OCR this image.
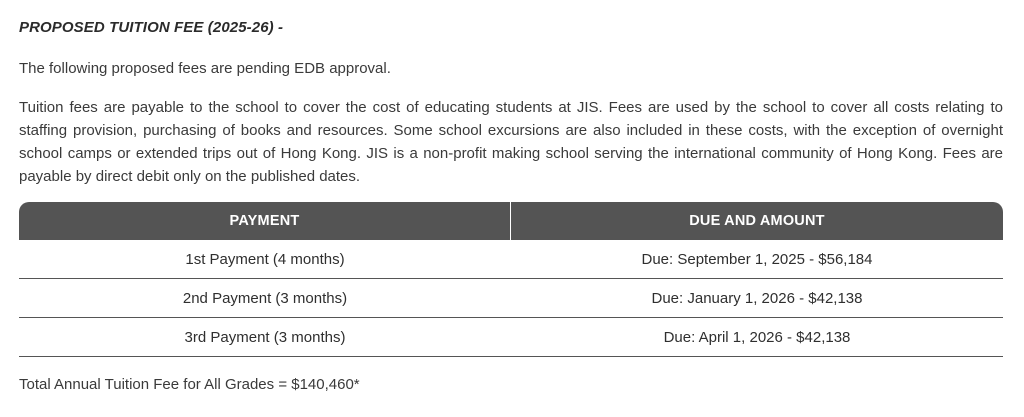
PROPOSED TUITION FEE (2025-26) -

The following proposed fees are pending EDB approval.

Tuition fees are payable to the school to cover the cost of educating students at JIS. Fees are used by the school to cover all costs relating to staffing provision, purchasing of books and resources. Some school excursions are also included in these costs, with the exception of overnight school camps or extended trips out of Hong Kong. JIS is a non-profit making school serving the international community of Hong Kong. Fees are payable by direct debit only on the published dates.

PAYMENT	DUE AND AMOUNT
1st Payment (4 months)	Due: September 1, 2025 - $56,184
2nd Payment (3 months)	Due: January 1, 2026 - $42,138
3rd Payment (3 months)	Due: April 1, 2026 - $42,138

Total Annual Tuition Fee for All Grades = $140,460*
